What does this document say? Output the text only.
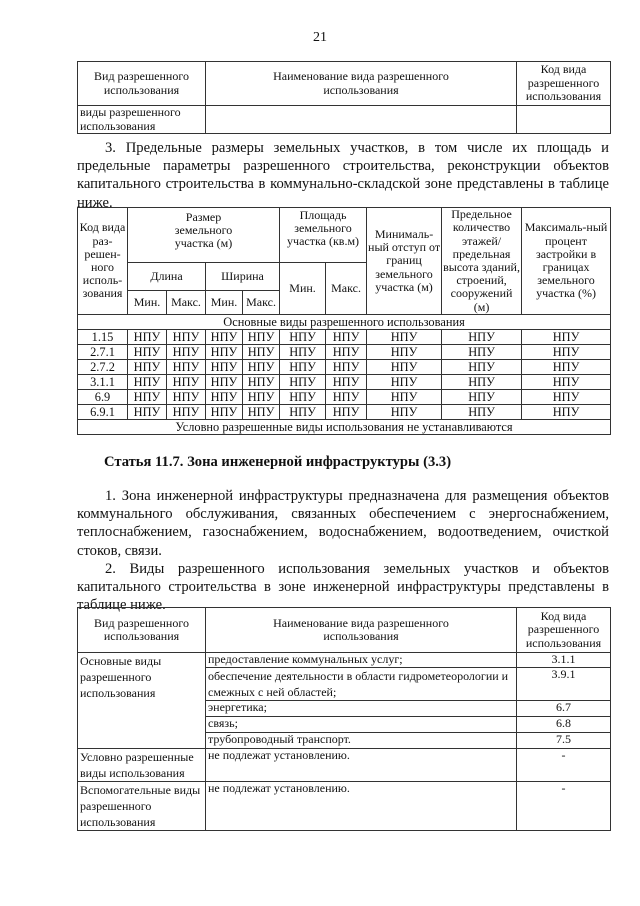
21
Вид разрешенного использования	Наименование вида разрешенного использования	Код вида разрешенного использования
виды разрешенного использования		
3. Предельные размеры земельных участков, в том числе их площадь и предельные параметры разрешенного строительства, реконструкции объектов капитального строительства в коммунально-складской зоне представлены в таблице ниже.
Код вида раз-решен-ного исполь-зования	Размер земельного участка (м)				Площадь земельного участка (кв.м)		Минималь-ный отступ от границ земельного участка (м)	Предельное количество этажей/ предельная высота зданий, строений, сооружений (м)	Максималь-ный процент застройки в границах земельного участка (%)
	Длина		Ширина		Мин.	Макс.			
	Мин.	Макс.	Мин.	Макс.					
Основные виды разрешенного использования									
1.15	НПУ	НПУ	НПУ	НПУ	НПУ	НПУ	НПУ	НПУ	НПУ
2.7.1	НПУ	НПУ	НПУ	НПУ	НПУ	НПУ	НПУ	НПУ	НПУ
2.7.2	НПУ	НПУ	НПУ	НПУ	НПУ	НПУ	НПУ	НПУ	НПУ
3.1.1	НПУ	НПУ	НПУ	НПУ	НПУ	НПУ	НПУ	НПУ	НПУ
6.9	НПУ	НПУ	НПУ	НПУ	НПУ	НПУ	НПУ	НПУ	НПУ
6.9.1	НПУ	НПУ	НПУ	НПУ	НПУ	НПУ	НПУ	НПУ	НПУ
Условно разрешенные виды использования не устанавливаются									
Статья 11.7. Зона инженерной инфраструктуры (3.3)
1. Зона инженерной инфраструктуры предназначена для размещения объектов коммунального обслуживания, связанных обеспечением с энергоснабжением, теплоснабжением, газоснабжением, водоснабжением, водоотведением, очисткой стоков, связи.
2. Виды разрешенного использования земельных участков и объектов капитального строительства в зоне инженерной инфраструктуры представлены в таблице ниже.
Вид разрешенного использования	Наименование вида разрешенного использования	Код вида разрешенного использования
Основные виды разрешенного использования	предоставление коммунальных услуг;	3.1.1
	обеспечение деятельности в области гидрометеорологии и смежных с ней областей;	3.9.1
	энергетика;	6.7
	связь;	6.8
	трубопроводный транспорт.	7.5
Условно разрешенные виды использования	не подлежат установлению.	-
Вспомогательные виды разрешенного использования	не подлежат установлению.	-
